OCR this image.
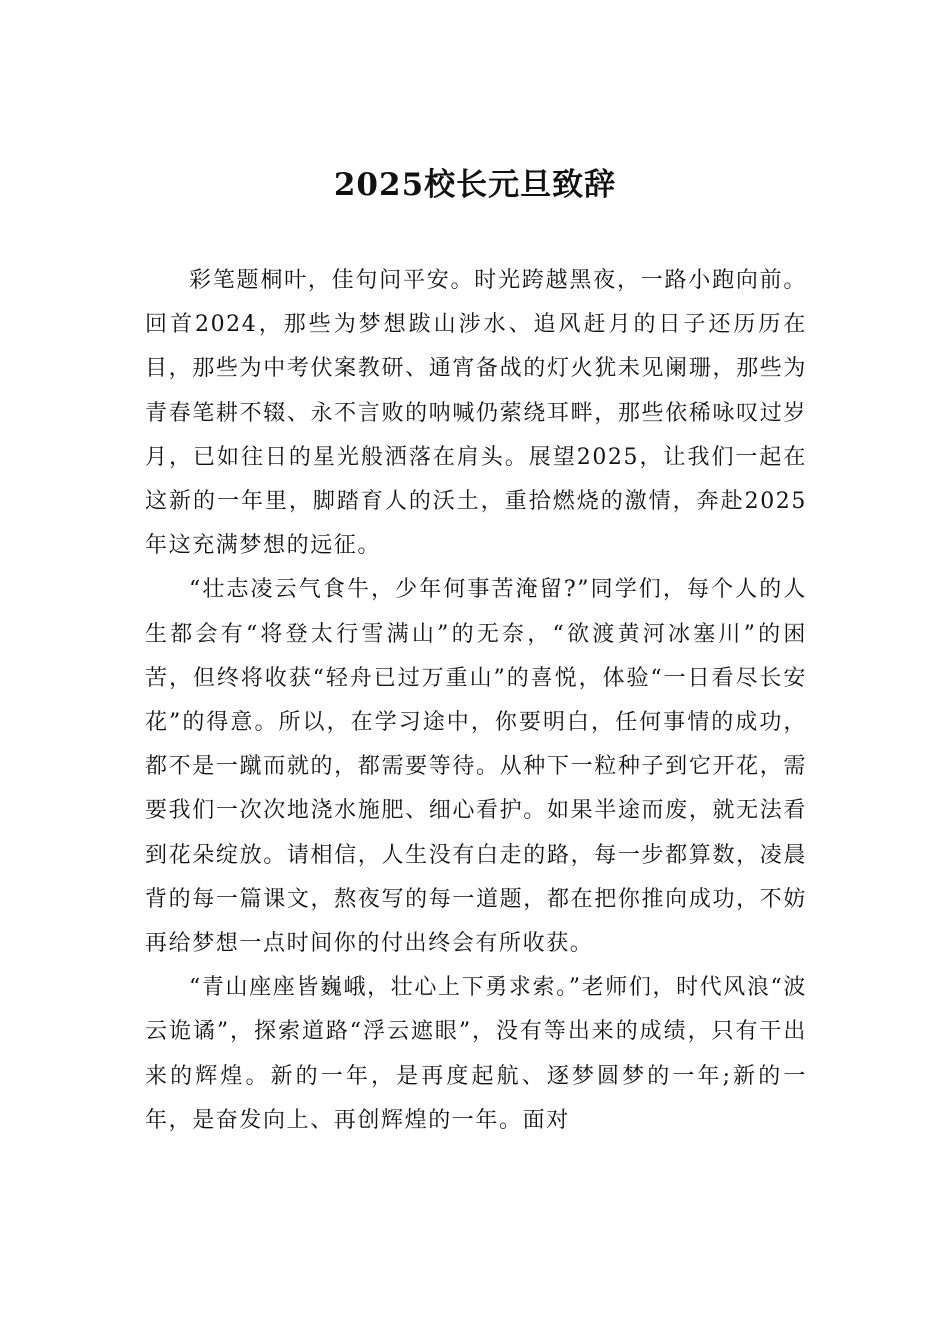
2025校长元旦致辞

彩笔题桐叶，佳句问平安。时光跨越黑夜，一路小跑向前。回首2024，那些为梦想跋山涉水、追风赶月的日子还历历在目，那些为中考伏案教研、通宵备战的灯火犹未见阑珊，那些为青春笔耕不辍、永不言败的呐喊仍萦绕耳畔，那些依稀咏叹过岁月，已如往日的星光般洒落在肩头。展望2025，让我们一起在这新的一年里，脚踏育人的沃土，重拾燃烧的激情，奔赴2025年这充满梦想的远征。

“壮志凌云气食牛，少年何事苦淹留?”同学们，每个人的人生都会有“将登太行雪满山”的无奈，“欲渡黄河冰塞川”的困苦，但终将收获“轻舟已过万重山”的喜悦，体验“一日看尽长安花”的得意。所以，在学习途中，你要明白，任何事情的成功，都不是一蹴而就的，都需要等待。从种下一粒种子到它开花，需要我们一次次地浇水施肥、细心看护。如果半途而废，就无法看到花朵绽放。请相信，人生没有白走的路，每一步都算数，凌晨背的每一篇课文，熬夜写的每一道题，都在把你推向成功，不妨再给梦想一点时间你的付出终会有所收获。

“青山座座皆巍峨，壮心上下勇求索。”老师们，时代风浪“波云诡谲”，探索道路“浮云遮眼”，没有等出来的成绩，只有干出来的辉煌。新的一年，是再度起航、逐梦圆梦的一年;新的一年，是奋发向上、再创辉煌的一年。面对
